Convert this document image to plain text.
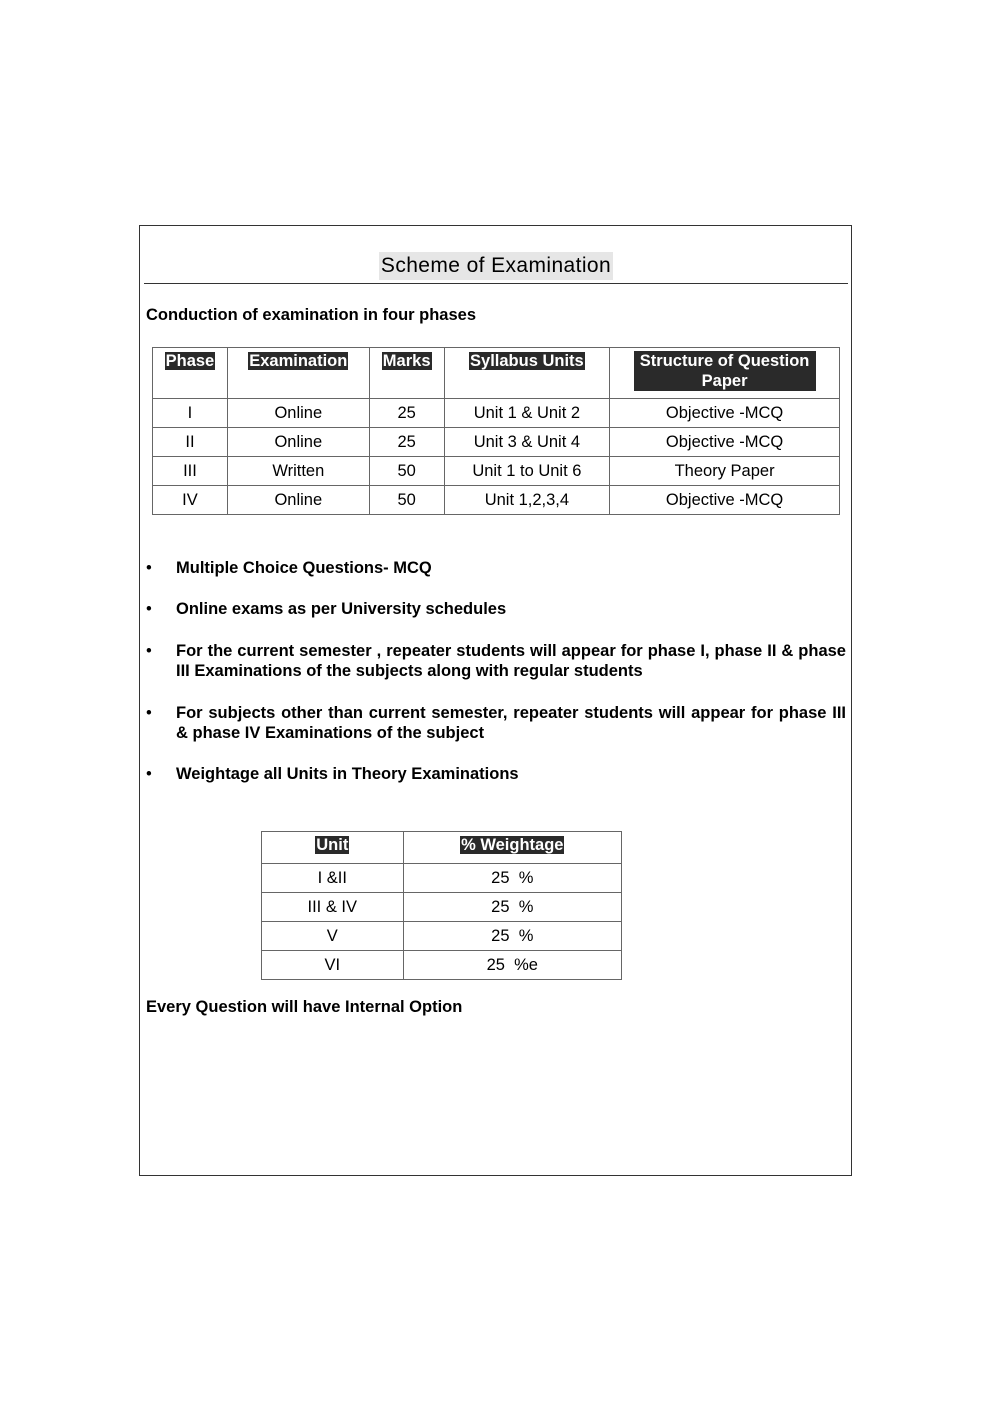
Scheme of Examination
Conduction of examination in four phases
Phase	Examination	Marks	Syllabus Units	Structure of Question Paper
I	Online	25	Unit 1 & Unit 2	Objective -MCQ
II	Online	25	Unit 3 & Unit 4	Objective -MCQ
III	Written	50	Unit 1 to Unit 6	Theory Paper
IV	Online	50	Unit 1,2,3,4	Objective -MCQ
• Multiple Choice Questions- MCQ
• Online exams as per University schedules
• For the current semester , repeater students will appear for phase I, phase II & phase III Examinations of the subjects along with regular students
• For subjects other than current semester, repeater students will appear for phase III & phase IV Examinations of the subject
• Weightage all Units in Theory Examinations
Unit	% Weightage
I &II	25  %
III & IV	25  %
V	25  %
VI	25  %e
Every Question will have Internal Option
